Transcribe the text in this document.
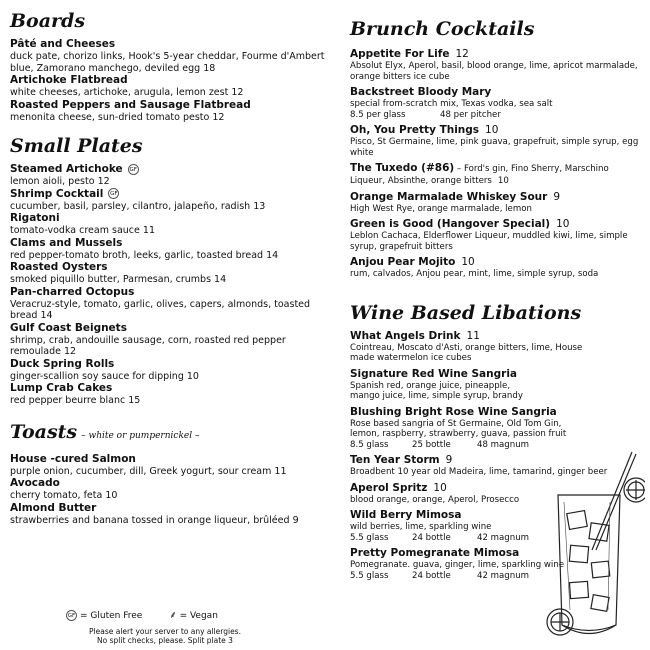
Boards
Pâté and Cheeses
duck pate, chorizo links, Hook's 5-year cheddar, Fourme d'Ambert blue, Zamorano manchego, deviled egg 18
Artichoke Flatbread
white cheeses, artichoke, arugula, lemon zest 12
Roasted Peppers and Sausage Flatbread
menonita cheese, sun-dried tomato pesto 12
Small Plates
Steamed Artichoke GF
lemon aioli, pesto 12
Shrimp Cocktail GF
cucumber, basil, parsley, cilantro, jalapeño, radish 13
Rigatoni
tomato-vodka cream sauce 11
Clams and Mussels
red pepper-tomato broth, leeks, garlic, toasted bread 14
Roasted Oysters
smoked piquillo butter, Parmesan, crumbs 14
Pan-charred Octopus
Veracruz-style, tomato, garlic, olives, capers, almonds, toasted bread 14
Gulf Coast Beignets
shrimp, crab, andouille sausage, corn, roasted red pepper remoulade 12
Duck Spring Rolls
ginger-scallion soy sauce for dipping 10
Lump Crab Cakes
red pepper beurre blanc 15
Toasts – white or pumpernickel –
House -cured Salmon
purple onion, cucumber, dill, Greek yogurt, sour cream 11
Avocado
cherry tomato, feta 10
Almond Butter
strawberries and banana tossed in orange liqueur, brûléed 9
GF = Gluten Free	⸙ = Vegan
Please alert your server to any allergies.
No split checks, please. Split plate 3
Brunch Cocktails
Appetite For Life 12
Absolut Elyx, Aperol, basil, blood orange, lime, apricot marmalade, orange bitters ice cube
Backstreet Bloody Mary
special from-scratch mix, Texas vodka, sea salt
8.5 per glass	48 per pitcher
Oh, You Pretty Things 10
Pisco, St Germaine, lime, pink guava, grapefruit, simple syrup, egg white
The Tuxedo (#86) – Ford's gin, Fino Sherry, Marschino
Liqueur, Absinthe, orange bitters 10
Orange Marmalade Whiskey Sour 9
High West Rye, orange marmalade, lemon
Green is Good (Hangover Special) 10
Leblon Cachaca, Elderflower Liqueur, muddled kiwi, lime, simple syrup, grapefruit bitters
Anjou Pear Mojito 10
rum, calvados, Anjou pear, mint, lime, simple syrup, soda
Wine Based Libations
What Angels Drink 11
Cointreau, Moscato d'Asti, orange bitters, lime, House made watermelon ice cubes
Signature Red Wine Sangria
Spanish red, orange juice, pineapple, mango juice, lime, simple syrup, brandy
Blushing Bright Rose Wine Sangria
Rose based sangria of St Germaine, Old Tom Gin, lemon, raspberry, strawberry, guava, passion fruit
8.5 glass	25 bottle	48 magnum
Ten Year Storm 9
Broadbent 10 year old Madeira, lime, tamarind, ginger beer
Aperol Spritz 10
blood orange, orange, Aperol, Prosecco
Wild Berry Mimosa
wild berries, lime, sparkling wine
5.5 glass	24 bottle	42 magnum
Pretty Pomegranate Mimosa
Pomegranate. guava, ginger, lime, sparkling wine
5.5 glass	24 bottle	42 magnum
